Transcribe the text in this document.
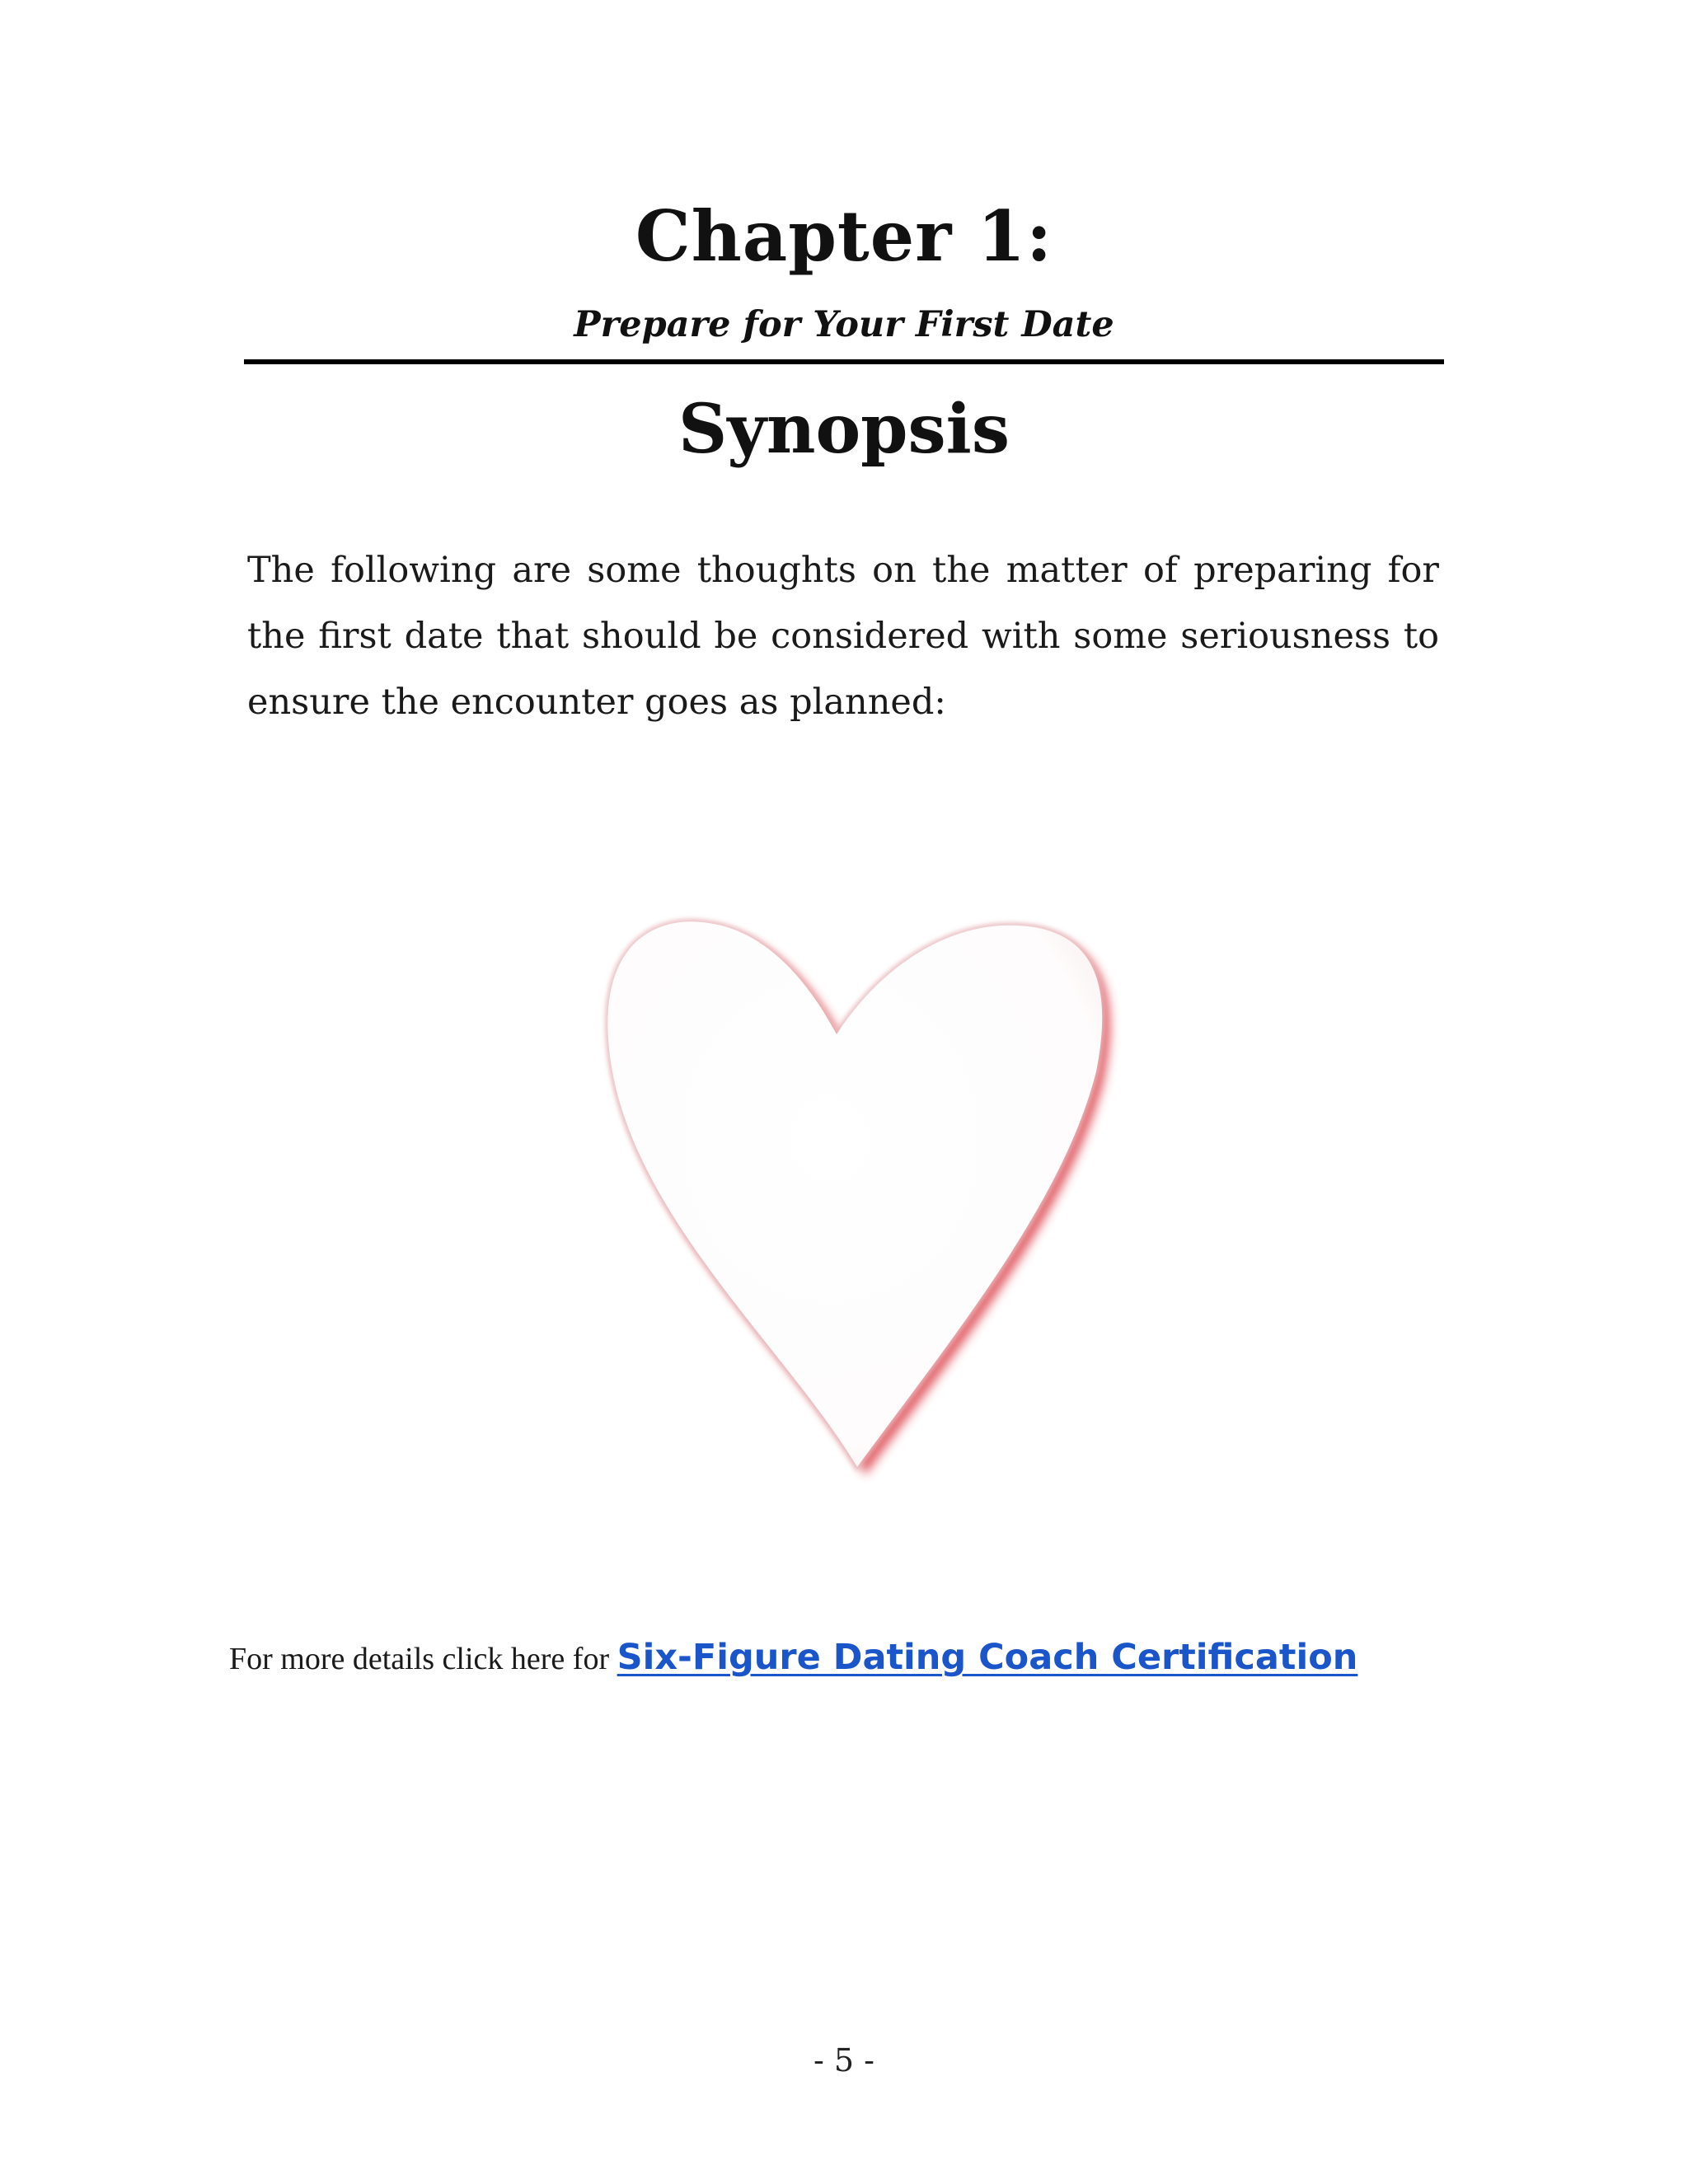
Chapter 1:
Prepare for Your First Date
Synopsis
The following are some thoughts on the matter of preparing for the first date that should be considered with some seriousness to ensure the encounter goes as planned:
For more details click here for Six-Figure Dating Coach Certification
- 5 -
